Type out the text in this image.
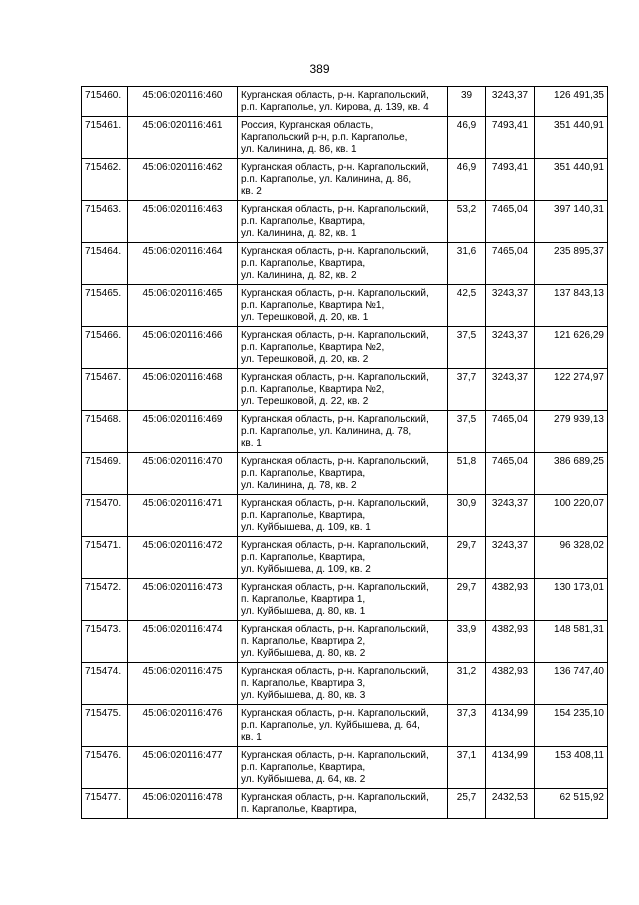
389
715460.	45:06:020116:460	Курганская область, р-н. Каргапольский,
р.п. Каргаполье, ул. Кирова, д. 139, кв. 4	39	3243,37	126 491,35
715461.	45:06:020116:461	Россия, Курганская область,
Каргапольский р-н, р.п. Каргаполье,
ул. Калинина, д. 86, кв. 1	46,9	7493,41	351 440,91
715462.	45:06:020116:462	Курганская область, р-н. Каргапольский,
р.п. Каргаполье, ул. Калинина, д. 86,
кв. 2	46,9	7493,41	351 440,91
715463.	45:06:020116:463	Курганская область, р-н. Каргапольский,
р.п. Каргаполье, Квартира,
ул. Калинина, д. 82, кв. 1	53,2	7465,04	397 140,31
715464.	45:06:020116:464	Курганская область, р-н. Каргапольский,
р.п. Каргаполье, Квартира,
ул. Калинина, д. 82, кв. 2	31,6	7465,04	235 895,37
715465.	45:06:020116:465	Курганская область, р-н. Каргапольский,
р.п. Каргаполье, Квартира №1,
ул. Терешковой, д. 20, кв. 1	42,5	3243,37	137 843,13
715466.	45:06:020116:466	Курганская область, р-н. Каргапольский,
р.п. Каргаполье, Квартира №2,
ул. Терешковой, д. 20, кв. 2	37,5	3243,37	121 626,29
715467.	45:06:020116:468	Курганская область, р-н. Каргапольский,
р.п. Каргаполье, Квартира №2,
ул. Терешковой, д. 22, кв. 2	37,7	3243,37	122 274,97
715468.	45:06:020116:469	Курганская область, р-н. Каргапольский,
р.п. Каргаполье, ул. Калинина, д. 78,
кв. 1	37,5	7465,04	279 939,13
715469.	45:06:020116:470	Курганская область, р-н. Каргапольский,
р.п. Каргаполье, Квартира,
ул. Калинина, д. 78, кв. 2	51,8	7465,04	386 689,25
715470.	45:06:020116:471	Курганская область, р-н. Каргапольский,
р.п. Каргаполье, Квартира,
ул. Куйбышева, д. 109, кв. 1	30,9	3243,37	100 220,07
715471.	45:06:020116:472	Курганская область, р-н. Каргапольский,
р.п. Каргаполье, Квартира,
ул. Куйбышева, д. 109, кв. 2	29,7	3243,37	96 328,02
715472.	45:06:020116:473	Курганская область, р-н. Каргапольский,
п. Каргаполье, Квартира 1,
ул. Куйбышева, д. 80, кв. 1	29,7	4382,93	130 173,01
715473.	45:06:020116:474	Курганская область, р-н. Каргапольский,
п. Каргаполье, Квартира 2,
ул. Куйбышева, д. 80, кв. 2	33,9	4382,93	148 581,31
715474.	45:06:020116:475	Курганская область, р-н. Каргапольский,
п. Каргаполье, Квартира 3,
ул. Куйбышева, д. 80, кв. 3	31,2	4382,93	136 747,40
715475.	45:06:020116:476	Курганская область, р-н. Каргапольский,
р.п. Каргаполье, ул. Куйбышева, д. 64,
кв. 1	37,3	4134,99	154 235,10
715476.	45:06:020116:477	Курганская область, р-н. Каргапольский,
р.п. Каргаполье, Квартира,
ул. Куйбышева, д. 64, кв. 2	37,1	4134,99	153 408,11
715477.	45:06:020116:478	Курганская область, р-н. Каргапольский,
п. Каргаполье, Квартира,	25,7	2432,53	62 515,92
